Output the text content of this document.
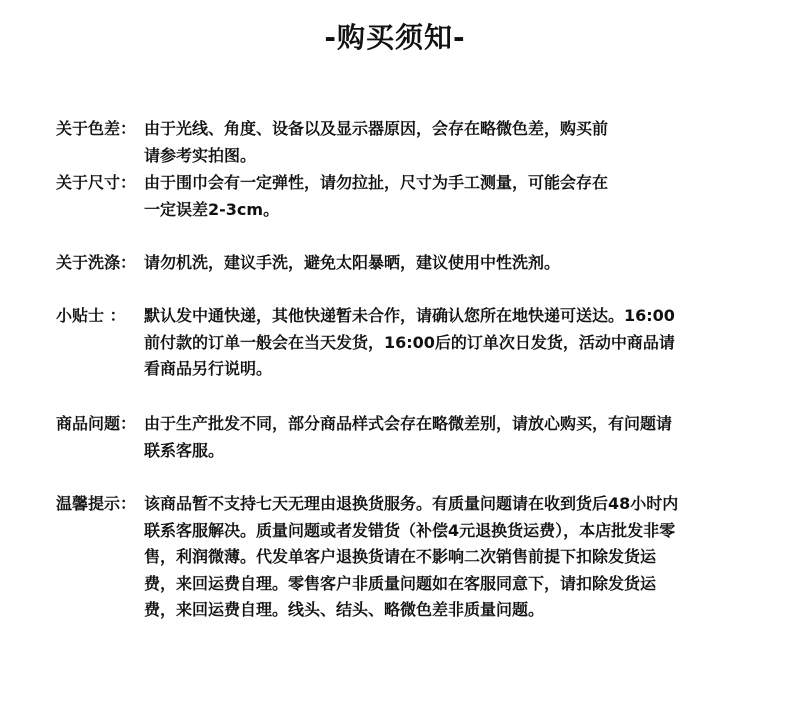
-购买须知-
关于色差： 由于光线、角度、设备以及显示器原因，会存在略微色差，购买前
请参考实拍图。
关于尺寸： 由于围巾会有一定弹性，请勿拉扯，尺寸为手工测量，可能会存在
一定误差2-3cm。
关于洗涤： 请勿机洗，建议手洗，避免太阳暴晒，建议使用中性洗剂。
小贴士 ：	默认发中通快递，其他快递暂未合作，请确认您所在地快递可送达。16:00
前付款的订单一般会在当天发货，16:00后的订单次日发货，活动中商品请
看商品另行说明。
商品问题： 由于生产批发不同，部分商品样式会存在略微差别，请放心购买，有问题请
联系客服。
温馨提示： 该商品暂不支持七天无理由退换货服务。有质量问题请在收到货后48小时内
联系客服解决。质量问题或者发错货（补偿4元退换货运费），本店批发非零
售，利润微薄。代发单客户退换货请在不影响二次销售前提下扣除发货运
费，来回运费自理。零售客户非质量问题如在客服同意下，请扣除发货运
费，来回运费自理。线头、结头、略微色差非质量问题。
